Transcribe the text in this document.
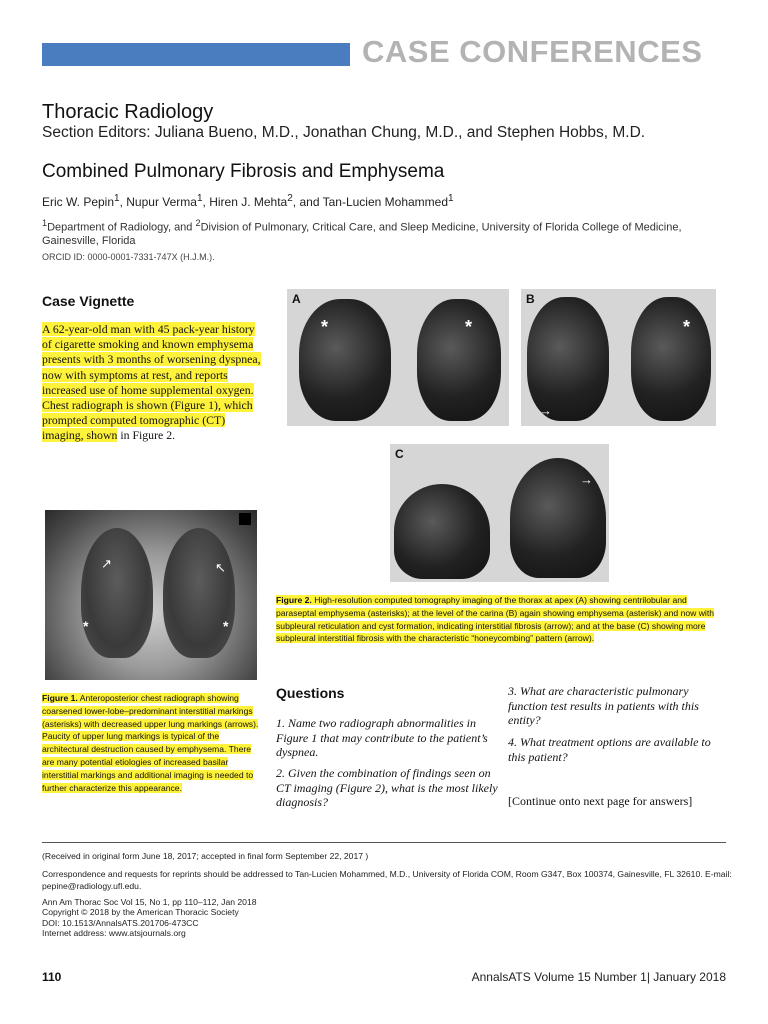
CASE CONFERENCES
Thoracic Radiology
Section Editors: Juliana Bueno, M.D., Jonathan Chung, M.D., and Stephen Hobbs, M.D.
Combined Pulmonary Fibrosis and Emphysema
Eric W. Pepin$^1$, Nupur Verma$^1$, Hiren J. Mehta$^2$, and Tan-Lucien Mohammed$^1$
$^1$Department of Radiology, and $^2$Division of Pulmonary, Critical Care, and Sleep Medicine, University of Florida College of Medicine, Gainesville, Florida
ORCID ID: 0000-0001-7331-747X (H.J.M.).
Case Vignette
A 62-year-old man with 45 pack-year history of cigarette smoking and known emphysema presents with 3 months of worsening dyspnea, now with symptoms at rest, and reports increased use of home supplemental oxygen. Chest radiograph is shown (Figure 1), which prompted computed tomographic (CT) imaging, shown in Figure 2.
A
*	*
B
*
→
C
→
↗	↖
*	*
Figure 2. High-resolution computed tomography imaging of the thorax at apex (A) showing centrilobular and paraseptal emphysema (asterisks); at the level of the carina (B) again showing emphysema (asterisk) and now with subpleural reticulation and cyst formation, indicating interstitial fibrosis (arrow); and at the base (C) showing more subpleural interstitial fibrosis with the characteristic “honeycombing” pattern (arrow).
Figure 1. Anteroposterior chest radiograph showing coarsened lower-lobe–predominant interstitial markings (asterisks) with decreased upper lung markings (arrows). Paucity of upper lung markings is typical of the architectural destruction caused by emphysema. There are many potential etiologies of increased basilar interstitial markings and additional imaging is needed to further characterize this appearance.
Questions
1. Name two radiograph abnormalities in Figure 1 that may contribute to the patient’s dyspnea.
2. Given the combination of findings seen on CT imaging (Figure 2), what is the most likely diagnosis?
3. What are characteristic pulmonary function test results in patients with this entity?
4. What treatment options are available to this patient?
[Continue onto next page for answers]
(Received in original form June 18, 2017; accepted in final form September 22, 2017 )
Correspondence and requests for reprints should be addressed to Tan-Lucien Mohammed, M.D., University of Florida COM, Room G347, Box 100374, Gainesville, FL 32610. E-mail: pepine@radiology.ufl.edu.
Ann Am Thorac Soc Vol 15, No 1, pp 110–112, Jan 2018
Copyright © 2018 by the American Thoracic Society
DOI: 10.1513/AnnalsATS.201706-473CC
Internet address: www.atsjournals.org
110	AnnalsATS Volume 15 Number 1| January 2018
